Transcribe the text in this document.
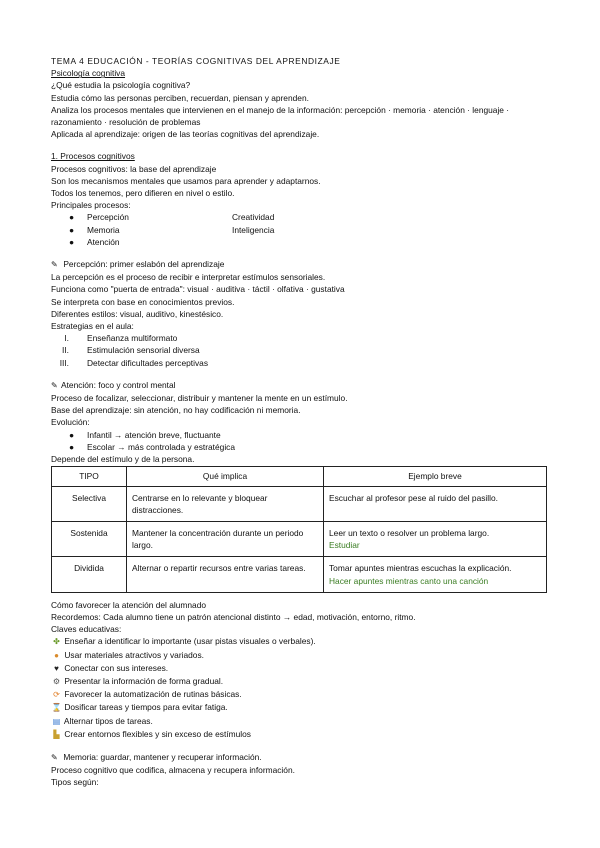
TEMA 4 EDUCACIÓN - TEORÍAS COGNITIVAS DEL APRENDIZAJE
Psicología cognitiva
¿Qué estudia la psicología cognitiva?
Estudia cómo las personas perciben, recuerdan, piensan y aprenden.
Analiza los procesos mentales que intervienen en el manejo de la información: percepción · memoria · atención · lenguaje ·
razonamiento · resolución de problemas
Aplicada al aprendizaje: origen de las teorías cognitivas del aprendizaje.
1. Procesos cognitivos
Procesos cognitivos: la base del aprendizaje
Son los mecanismos mentales que usamos para aprender y adaptarnos.
Todos los tenemos, pero difieren en nivel o estilo.
Principales procesos:
● Percepción	Creatividad
● Memoria	Inteligencia
● Atención
✎ Percepción: primer eslabón del aprendizaje
La percepción es el proceso de recibir e interpretar estímulos sensoriales.
Funciona como "puerta de entrada": visual · auditiva · táctil · olfativa · gustativa
Se interpreta con base en conocimientos previos.
Diferentes estilos: visual, auditivo, kinestésico.
Estrategias en el aula:
I. Enseñanza multiformato
II. Estimulación sensorial diversa
III. Detectar dificultades perceptivas
✎ Atención: foco y control mental
Proceso de focalizar, seleccionar, distribuir y mantener la mente en un estímulo.
Base del aprendizaje: sin atención, no hay codificación ni memoria.
Evolución:
● Infantil → atención breve, fluctuante
● Escolar → más controlada y estratégica
Depende del estímulo y de la persona.
TIPO	Qué implica	Ejemplo breve
Selectiva	Centrarse en lo relevante y bloquear distracciones.	Escuchar al profesor pese al ruido del pasillo.

Sostenida	Mantener la concentración durante un periodo largo.	Leer un texto o resolver un problema largo.
Estudiar

Dividida	Alternar o repartir recursos entre varias tareas.	Tomar apuntes mientras escuchas la explicación.
Hacer apuntes mientras canto una canción
Cómo favorecer la atención del alumnado
Recordemos: Cada alumno tiene un patrón atencional distinto → edad, motivación, entorno, ritmo.
Claves educativas:
✤ Enseñar a identificar lo importante (usar pistas visuales o verbales).
● Usar materiales atractivos y variados.
♥ Conectar con sus intereses.
⚙ Presentar la información de forma gradual.
⟳ Favorecer la automatización de rutinas básicas.
⌛ Dosificar tareas y tiempos para evitar fatiga.
▤ Alternar tipos de tareas.
▙ Crear entornos flexibles y sin exceso de estímulos
✎ Memoria: guardar, mantener y recuperar información.
Proceso cognitivo que codifica, almacena y recupera información.
Tipos según:
